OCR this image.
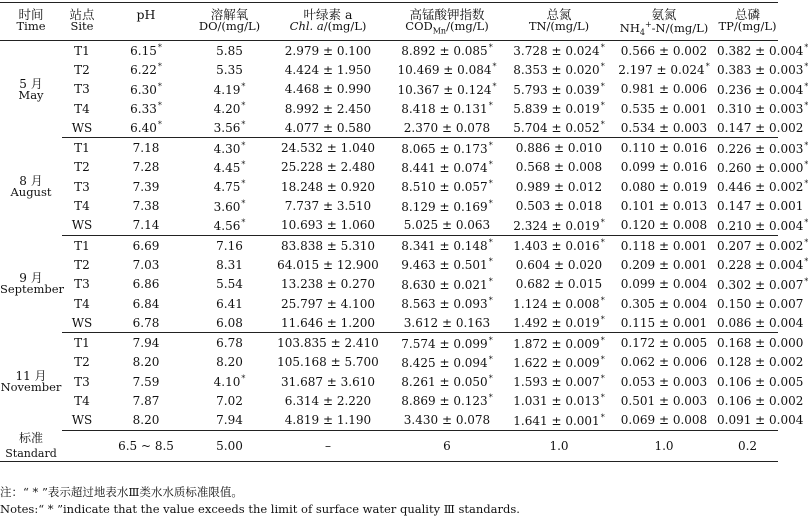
时间	站点	pH	溶解氧	叶绿素 a	高锰酸钾指数	总氮	氨氮	总磷
Time	Site		DO/(mg/L)	Chl. a/(mg/L)	$COD_{Mn}/(mg/L)$	TN/(mg/L)	$NH_4^+-N/(mg/L)$	TP/(mg/L)

5 月
May	T1	6.15*	5.85	2.979 ± 0.100	8.892 ± 0.085*	3.728 ± 0.024*	0.566 ± 0.002	0.382 ± 0.004*
	T2	6.22*	5.35	4.424 ± 1.950	10.469 ± 0.084*	8.353 ± 0.020*	2.197 ± 0.024*	0.383 ± 0.003*
	T3	6.30*	4.19*	4.468 ± 0.990	10.367 ± 0.124*	5.793 ± 0.039*	0.981 ± 0.006	0.236 ± 0.004*
	T4	6.33*	4.20*	8.992 ± 2.450	8.418 ± 0.131*	5.839 ± 0.019*	0.535 ± 0.001	0.310 ± 0.003*
	WS	6.40*	3.56*	4.077 ± 0.580	2.370 ± 0.078	5.704 ± 0.052*	0.534 ± 0.003	0.147 ± 0.002

8 月
August	T1	7.18	4.30*	24.532 ± 1.040	8.065 ± 0.173*	0.886 ± 0.010	0.110 ± 0.016	0.226 ± 0.003*
	T2	7.28	4.45*	25.228 ± 2.480	8.441 ± 0.074*	0.568 ± 0.008	0.099 ± 0.016	0.260 ± 0.000*
	T3	7.39	4.75*	18.248 ± 0.920	8.510 ± 0.057*	0.989 ± 0.012	0.080 ± 0.019	0.446 ± 0.002*
	T4	7.38	3.60*	7.737 ± 3.510	8.129 ± 0.169*	0.503 ± 0.018	0.101 ± 0.013	0.147 ± 0.001
	WS	7.14	4.56*	10.693 ± 1.060	5.025 ± 0.063	2.324 ± 0.019*	0.120 ± 0.008	0.210 ± 0.004*

9 月
September	T1	6.69	7.16	83.838 ± 5.310	8.341 ± 0.148*	1.403 ± 0.016*	0.118 ± 0.001	0.207 ± 0.002*
	T2	7.03	8.31	64.015 ± 12.900	9.463 ± 0.501*	0.604 ± 0.020	0.209 ± 0.001	0.228 ± 0.004*
	T3	6.86	5.54	13.238 ± 0.270	8.630 ± 0.021*	0.682 ± 0.015	0.099 ± 0.004	0.302 ± 0.007*
	T4	6.84	6.41	25.797 ± 4.100	8.563 ± 0.093*	1.124 ± 0.008*	0.305 ± 0.004	0.150 ± 0.007
	WS	6.78	6.08	11.646 ± 1.200	3.612 ± 0.163	1.492 ± 0.019*	0.115 ± 0.001	0.086 ± 0.004

11 月
November	T1	7.94	6.78	103.835 ± 2.410	7.574 ± 0.099*	1.872 ± 0.009*	0.172 ± 0.005	0.168 ± 0.000
	T2	8.20	8.20	105.168 ± 5.700	8.425 ± 0.094*	1.622 ± 0.009*	0.062 ± 0.006	0.128 ± 0.002
	T3	7.59	4.10*	31.687 ± 3.610	8.261 ± 0.050*	1.593 ± 0.007*	0.053 ± 0.003	0.106 ± 0.005
	T4	7.87	7.02	6.314 ± 2.220	8.869 ± 0.123*	1.031 ± 0.013*	0.501 ± 0.003	0.106 ± 0.002
	WS	8.20	7.94	4.819 ± 1.190	3.430 ± 0.078	1.641 ± 0.001*	0.069 ± 0.008	0.091 ± 0.004

标准
Standard		6.5 ~ 8.5	5.00	–	6	1.0	1.0	0.2

注：“ * ”表示超过地表水Ⅲ类水水质标准限值。
Notes:“ * ”indicate that the value exceeds the limit of surface water quality Ⅲ standards.
